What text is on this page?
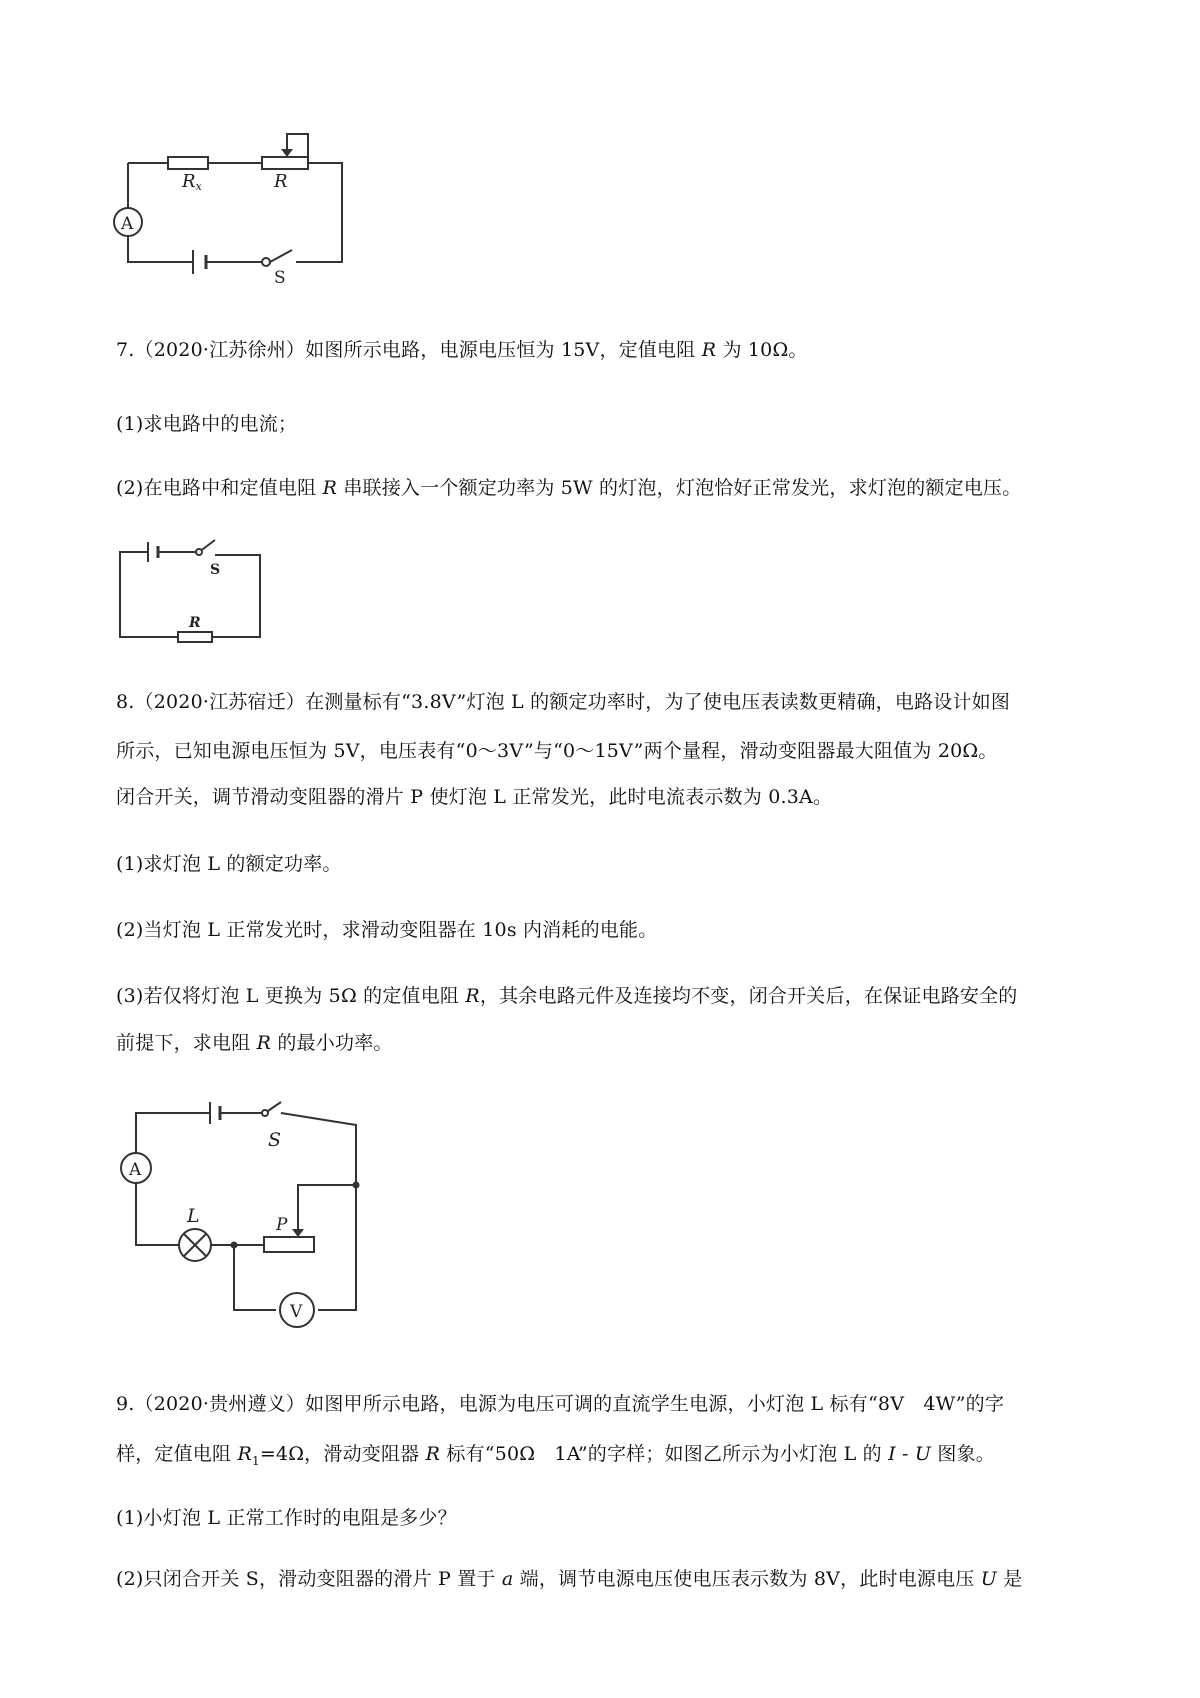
A
Rx	R
S
7.（2020·江苏徐州）如图所示电路，电源电压恒为 15V，定值电阻 R 为 10Ω。
(1)求电路中的电流；
(2)在电路中和定值电阻 R 串联接入一个额定功率为 5W 的灯泡，灯泡恰好正常发光，求灯泡的额定电压。
S
R
8.（2020·江苏宿迁）在测量标有“3.8V”灯泡 L 的额定功率时，为了使电压表读数更精确，电路设计如图
所示，已知电源电压恒为 5V，电压表有“0～3V”与“0～15V”两个量程，滑动变阻器最大阻值为 20Ω。
闭合开关，调节滑动变阻器的滑片 P 使灯泡 L 正常发光，此时电流表示数为 0.3A。
(1)求灯泡 L 的额定功率。
(2)当灯泡 L 正常发光时，求滑动变阻器在 10s 内消耗的电能。
(3)若仅将灯泡 L 更换为 5Ω 的定值电阻 R，其余电路元件及连接均不变，闭合开关后，在保证电路安全的
前提下，求电阻 R 的最小功率。
S
A
L	P
V
9.（2020·贵州遵义）如图甲所示电路，电源为电压可调的直流学生电源，小灯泡 L 标有“8V　4W”的字
样，定值电阻 $R_1=4\Omega$，滑动变阻器 R 标有“50Ω　1A”的字样；如图乙所示为小灯泡 L 的 I - U 图象。
(1)小灯泡 L 正常工作时的电阻是多少？
(2)只闭合开关 S，滑动变阻器的滑片 P 置于 a 端，调节电源电压使电压表示数为 8V，此时电源电压 U 是
